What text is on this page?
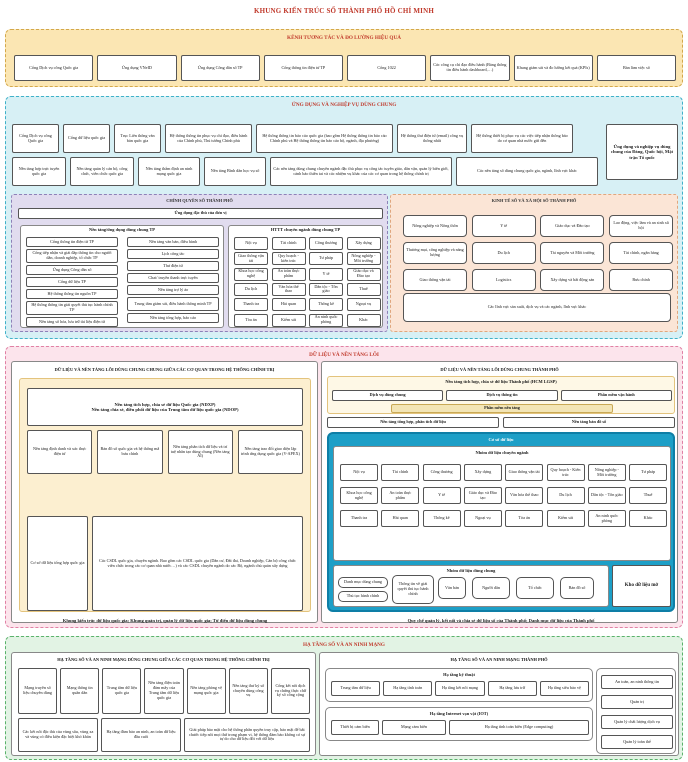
KHUNG KIẾN TRÚC SỐ THÀNH PHỐ HỒ CHÍ MINH
KÊNH TƯƠNG TÁC VÀ ĐO LƯỜNG HIỆU QUẢ
Cổng Dịch vụ công Quốc gia	Ứng dụng VNeID	Ứng dụng Công dân số TP	Cổng thông tin điện tử TP	Cổng 1022	Các công cụ chỉ đạo điều hành (Bảng thông tin điều hành dashboard,…)	Khung giám sát và đo lường kết quả (KPIs)	Bản làm việc số
ỨNG DỤNG VÀ NGHIỆP VỤ DÙNG CHUNG
Ứng dụng và nghiệp vụ dùng chung của Đảng, Quốc hội, Mặt trận Tổ quốc
CHÍNH QUYỀN SỐ THÀNH PHỐ
Ứng dụng đặc thù của đơn vị
Nền tảng/ứng dụng dùng chung TP
Cổng thông tin điện tử TP
Cổng tiếp nhận và giải đáp thông tin cho người dân, doanh nghiệp, tổ chức TP
Ứng dụng Công dân số
Cổng dữ liệu TP
Hệ thống thông tin nguồn TP
Hệ thống thông tin giải quyết thủ tục hành chính TP
Nền tảng số hóa, lưu trữ tài liệu điện tử
Nền tảng văn bản, điều hành
Lịch công tác
Thư điện tử
Chat/ truyền thanh trực tuyến
Nền tảng trợ lý ảo
Trung tâm giám sát, điều hành thông minh TP
Nền tảng tổng hợp, báo cáo
HTTT chuyên ngành dùng chung TP
Nội vụ	Tài chính	Công thương	Xây dựng
Giao thông vận tải
Quy hoạch - kiến trúc	Tư pháp	Nông nghiệp - Môi trường
Khoa học công nghệ
An toàn thực phẩm	Y tế	Giáo dục và Đào tạo
Du lịch	Văn hóa thể thao
Dân tộc - Tôn giáo	Thuế
Thanh tra	Hải quan	Thống kê	Ngoại vụ
Tòa án	Kiểm sát	An ninh quốc phòng	Khác
KINH TẾ SỐ VÀ XÃ HỘI SỐ THÀNH PHỐ
Các lĩnh vực sản xuất, dịch vụ và các ngành, lĩnh vực khác
Nông nghiệp và Nông thôn	Y tế	Giáo dục và Đào tạo	Lao động, việc làm và an sinh xã hội
Thương mại, công nghiệp và năng lượng	Du lịch	Tài nguyên và Môi trường	Tài chính, ngân hàng
Giao thông vận tải	Logistics	Xây dựng và bất động sản	Bưu chính
Cổng Dịch vụ công Quốc gia	Cổng dữ liệu quốc gia	Trục Liên thông văn bản quốc gia
Hệ thống thông tin phục vụ chỉ đạo, điều hành của Chính phủ, Thủ tướng Chính phủ
Hệ thống thông tin báo cáo quốc gia (bao gồm Hệ thống thông tin báo cáo Chính phủ và Hệ thống thông tin báo cáo bộ, ngành, địa phương)
Hệ thống thư điện tử (email) công vụ thống nhất
Hệ thống thiết bị phục vụ các việc tiếp nhận thông báo do cơ quan nhà nước gửi đến
Nền tảng hợp trực tuyến quốc gia
Nền tảng quản lý cán bộ, công chức, viên chức quốc gia
Nền tảng thẩm định an ninh mạng quốc gia	Nền tảng Bình dân học vụ số	Các nền tảng dùng chung chuyên ngành đặc thù phục vụ công tác tuyên giáo, dân vận, quản lý biên giới, cảnh báo thiên tai và các nhiệm vụ khác của các cơ quan trong hệ thống chính trị	Các nền tảng số dùng chung quốc gia, ngành, lĩnh vực khác
DỮ LIỆU VÀ NỀN TẢNG LÕI
DỮ LIỆU VÀ NỀN TẢNG LÕI DÙNG CHUNG CHUNG GIỮA CÁC CƠ QUAN TRONG HỆ THỐNG CHÍNH TRỊ
Nền tảng tích hợp, chia sẻ dữ liệu Quốc gia (NDXP)
Nền tảng chia sẻ, điều phối dữ liệu của Trung tâm dữ liệu quốc gia (NDOP)
Cơ sở dữ liệu tổng hợp quốc gia	Các CSDL quốc gia, chuyên ngành. Bao gồm các CSDL quốc gia (Dân cư, Đất đai, Doanh nghiệp, Cán bộ công chức viên chức trong các cơ quan nhà nước…) và các CSDL chuyên ngành do các Bộ, ngành chủ quản xây dựng
Khung kiến trúc dữ liệu quốc gia; Khung quản trị, quản lý dữ liệu quốc gia; Từ điển dữ liệu dùng chung
Nền tảng định danh và xác thực điện tử
Bản đồ số quốc gia và hệ thống mã bưu chính
Nền tảng phân tích dữ liệu và trí tuệ nhân tạo dùng chung (Nền tảng AI)
Nền tảng trao đổi giao diện lập trình ứng dụng quốc gia (V-APEX)
DỮ LIỆU VÀ NỀN TẢNG LÕI DÙNG CHUNG THÀNH PHỐ
Nền tảng tích hợp, chia sẻ dữ liệu Thành phố (HCM LGSP)
Phần mềm nền tảng
Dịch vụ dùng chung	Dịch vụ thông tin	Phần mềm vận hành
Nền tảng tổng hợp, phân tích dữ liệu	Nền tảng bản đồ số
Cơ sở dữ liệu
Nhóm dữ liệu chuyên ngành
Nội vụ	Tài chính	Công thương	Xây dựng	Giao thông vận tải	Quy hoạch - Kiến trúc
Nông nghiệp - Môi trường	Tư pháp
Khoa học công nghệ
An toàn thực phẩm	Y tế	Giáo dục và Đào tạo	Văn hóa thể thao	Du lịch	Dân tộc - Tôn giáo	Thuế
Thanh tra	Hải quan	Thống kê	Ngoại vụ	Tòa án	Kiểm sát	An ninh quốc phòng	Khác
Nhóm dữ liệu dùng chung
Danh mục dùng chung
Thủ tục hành chính
Thông tin về giải quyết thủ tục hành chính
Văn bản	Người dân	Tổ chức	Bản đồ số	Kho dữ liệu mở
Quy chế quản lý, kết nối và chia sẻ dữ liệu số của Thành phố; Danh mục dữ liệu của Thành phố
HẠ TẦNG SỐ VÀ AN NINH MẠNG
HẠ TẦNG SỐ VÀ AN NINH MẠNG DÙNG CHUNG GIỮA CÁC CƠ QUAN TRONG HỆ THỐNG CHÍNH TRỊ
Mạng truyền số liệu chuyên dùng
Mạng thông tin quân dân
Trung tâm dữ liệu quốc gia
Nền tảng điện toán đám mây của Trung tâm dữ liệu quốc gia
Nền tảng phòng vệ mạng quốc gia
Nền tảng thư ký số chuyên dùng công vụ
Cổng kết nối dịch vụ chứng thực chữ ký số công cộng
Các kết nối đặc thù của vùng sâu, vùng xa và vùng có điều kiện đặc biệt khó khăn
Hạ tầng đảm bảo an ninh, an toàn dữ liệu đầu cuối
Giải pháp bảo mật cho hệ thống phân quyền truy cập, bảo mật để bắt chước tiếp nối mọi thứ trong phạm vi, hệ thống đảm bảo không có sự tự do cho dữ liệu đối với dữ liệu
HẠ TẦNG SỐ VÀ AN NINH MẠNG THÀNH PHỐ
Hạ tầng kỹ thuật
Trung tâm dữ liệu	Hạ tầng tính toán	Hạ tầng kết nối mạng	Hạ tầng lưu trữ	Hạ tầng siêu bảo vệ
Hạ tầng Internet vạn vật (IOT)
Thiết bị cảm biến	Mạng cảm biến	Hạ tầng tính toán biên (Edge computing)
An toàn, an ninh thông tin
Quản trị
Quản lý chất lượng dịch vụ
Quản lý toàn thể
